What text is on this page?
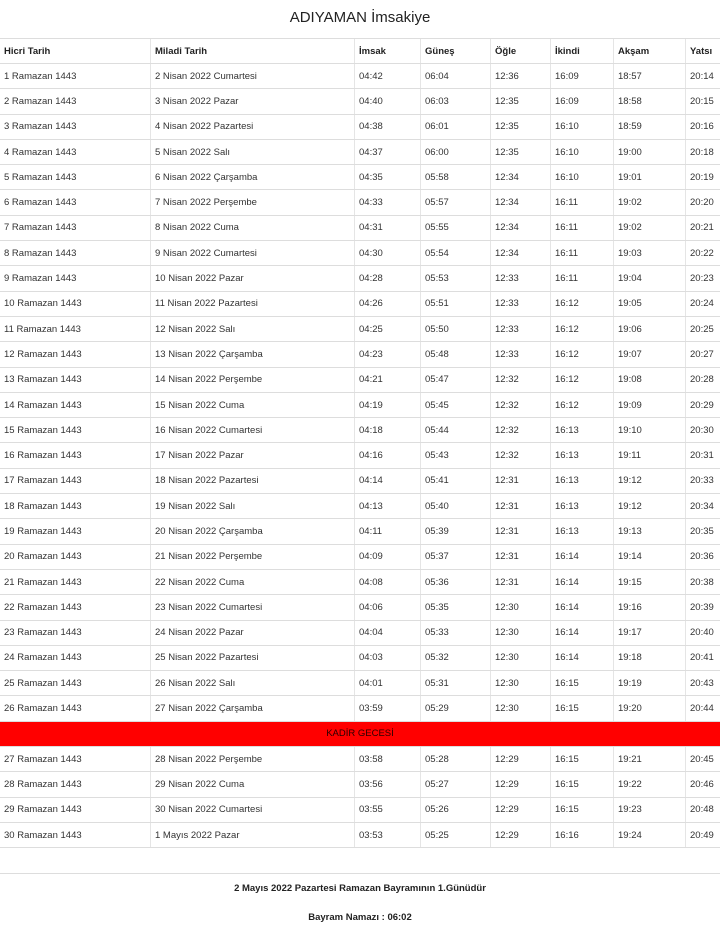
ADIYAMAN İmsakiye
Hicri Tarih	Miladi Tarih	İmsak	Güneş	Öğle	İkindi	Akşam	Yatsı
1 Ramazan 1443	2 Nisan 2022 Cumartesi	04:42	06:04	12:36	16:09	18:57	20:14
2 Ramazan 1443	3 Nisan 2022 Pazar	04:40	06:03	12:35	16:09	18:58	20:15
3 Ramazan 1443	4 Nisan 2022 Pazartesi	04:38	06:01	12:35	16:10	18:59	20:16
4 Ramazan 1443	5 Nisan 2022 Salı	04:37	06:00	12:35	16:10	19:00	20:18
5 Ramazan 1443	6 Nisan 2022 Çarşamba	04:35	05:58	12:34	16:10	19:01	20:19
6 Ramazan 1443	7 Nisan 2022 Perşembe	04:33	05:57	12:34	16:11	19:02	20:20
7 Ramazan 1443	8 Nisan 2022 Cuma	04:31	05:55	12:34	16:11	19:02	20:21
8 Ramazan 1443	9 Nisan 2022 Cumartesi	04:30	05:54	12:34	16:11	19:03	20:22
9 Ramazan 1443	10 Nisan 2022 Pazar	04:28	05:53	12:33	16:11	19:04	20:23
10 Ramazan 1443	11 Nisan 2022 Pazartesi	04:26	05:51	12:33	16:12	19:05	20:24
11 Ramazan 1443	12 Nisan 2022 Salı	04:25	05:50	12:33	16:12	19:06	20:25
12 Ramazan 1443	13 Nisan 2022 Çarşamba	04:23	05:48	12:33	16:12	19:07	20:27
13 Ramazan 1443	14 Nisan 2022 Perşembe	04:21	05:47	12:32	16:12	19:08	20:28
14 Ramazan 1443	15 Nisan 2022 Cuma	04:19	05:45	12:32	16:12	19:09	20:29
15 Ramazan 1443	16 Nisan 2022 Cumartesi	04:18	05:44	12:32	16:13	19:10	20:30
16 Ramazan 1443	17 Nisan 2022 Pazar	04:16	05:43	12:32	16:13	19:11	20:31
17 Ramazan 1443	18 Nisan 2022 Pazartesi	04:14	05:41	12:31	16:13	19:12	20:33
18 Ramazan 1443	19 Nisan 2022 Salı	04:13	05:40	12:31	16:13	19:12	20:34
19 Ramazan 1443	20 Nisan 2022 Çarşamba	04:11	05:39	12:31	16:13	19:13	20:35
20 Ramazan 1443	21 Nisan 2022 Perşembe	04:09	05:37	12:31	16:14	19:14	20:36
21 Ramazan 1443	22 Nisan 2022 Cuma	04:08	05:36	12:31	16:14	19:15	20:38
22 Ramazan 1443	23 Nisan 2022 Cumartesi	04:06	05:35	12:30	16:14	19:16	20:39
23 Ramazan 1443	24 Nisan 2022 Pazar	04:04	05:33	12:30	16:14	19:17	20:40
24 Ramazan 1443	25 Nisan 2022 Pazartesi	04:03	05:32	12:30	16:14	19:18	20:41
25 Ramazan 1443	26 Nisan 2022 Salı	04:01	05:31	12:30	16:15	19:19	20:43
26 Ramazan 1443	27 Nisan 2022 Çarşamba	03:59	05:29	12:30	16:15	19:20	20:44
KADİR GECESİ
27 Ramazan 1443	28 Nisan 2022 Perşembe	03:58	05:28	12:29	16:15	19:21	20:45
28 Ramazan 1443	29 Nisan 2022 Cuma	03:56	05:27	12:29	16:15	19:22	20:46
29 Ramazan 1443	30 Nisan 2022 Cumartesi	03:55	05:26	12:29	16:15	19:23	20:48
30 Ramazan 1443	1 Mayıs 2022 Pazar	03:53	05:25	12:29	16:16	19:24	20:49
2 Mayıs 2022 Pazartesi Ramazan Bayramının 1.Günüdür
Bayram Namazı : 06:02
